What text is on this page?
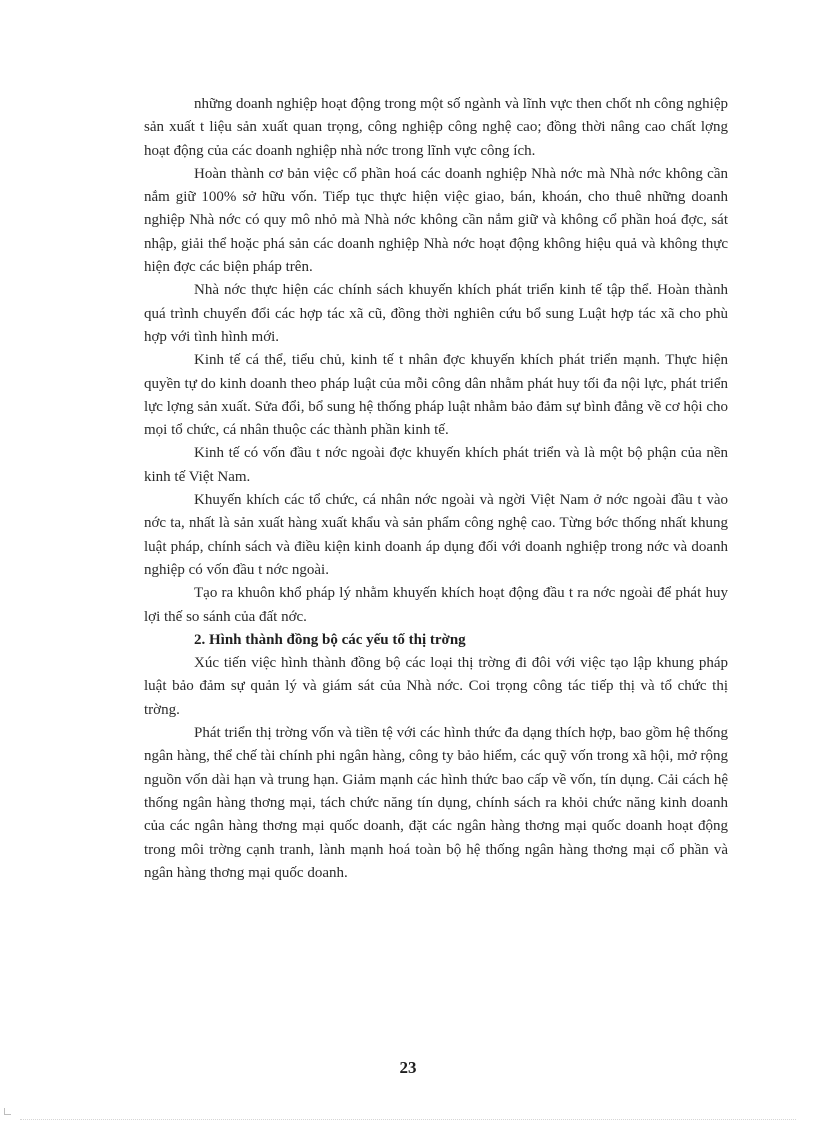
những doanh nghiệp hoạt động trong một số ngành và lĩnh vực then chốt nh công nghiệp sản xuất t liệu sản xuất quan trọng, công nghiệp công nghệ cao; đồng thời nâng cao chất lợng hoạt động của các doanh nghiệp nhà nớc trong lĩnh vực công ích.

Hoàn thành cơ bản việc cổ phần hoá các doanh nghiệp Nhà nớc mà Nhà nớc không cần nắm giữ 100% sở hữu vốn. Tiếp tục thực hiện việc giao, bán, khoán, cho thuê những doanh nghiệp Nhà nớc có quy mô nhỏ mà Nhà nớc không cần nắm giữ và không cổ phần hoá đợc, sát nhập, giải thể hoặc phá sản các doanh nghiệp Nhà nớc hoạt động không hiệu quả và không thực hiện đợc các biện pháp trên.

Nhà nớc thực hiện các chính sách khuyến khích phát triển kinh tế tập thể. Hoàn thành quá trình chuyển đổi các hợp tác xã cũ, đồng thời nghiên cứu bổ sung Luật hợp tác xã cho phù hợp với tình hình mới.

Kinh tế cá thể, tiểu chủ, kinh tế t nhân đợc khuyến khích phát triển mạnh. Thực hiện quyền tự do kinh doanh theo pháp luật của mỗi công dân nhằm phát huy tối đa nội lực, phát triển lực lợng sản xuất. Sửa đổi, bổ sung hệ thống pháp luật nhằm bảo đảm sự bình đẳng về cơ hội cho mọi tổ chức, cá nhân thuộc các thành phần kinh tế.

Kinh tế có vốn đầu t nớc ngoài đợc khuyến khích phát triển và là một bộ phận của nền kinh tế Việt Nam.

Khuyến khích các tổ chức, cá nhân nớc ngoài và ngời Việt Nam ở nớc ngoài đầu t vào nớc ta, nhất là sản xuất hàng xuất khẩu và sản phẩm công nghệ cao. Từng bớc thống nhất khung luật pháp, chính sách và điều kiện kinh doanh áp dụng đối với doanh nghiệp trong nớc và doanh nghiệp có vốn đầu t nớc ngoài.

Tạo ra khuôn khổ pháp lý nhằm khuyến khích hoạt động đầu t ra nớc ngoài để phát huy lợi thế so sánh của đất nớc.

2. Hình thành đồng bộ các yếu tố thị trờng

Xúc tiến việc hình thành đồng bộ các loại thị trờng đi đôi với việc tạo lập khung pháp luật bảo đảm sự quản lý và giám sát của Nhà nớc. Coi trọng công tác tiếp thị và tổ chức thị trờng.

Phát triển thị trờng vốn và tiền tệ với các hình thức đa dạng thích hợp, bao gồm hệ thống ngân hàng, thể chế tài chính phi ngân hàng, công ty bảo hiểm, các quỹ vốn trong xã hội, mở rộng nguồn vốn dài hạn và trung hạn. Giảm mạnh các hình thức bao cấp về vốn, tín dụng. Cải cách hệ thống ngân hàng thơng mại, tách chức năng tín dụng, chính sách ra khỏi chức năng kinh doanh của các ngân hàng thơng mại quốc doanh, đặt các ngân hàng thơng mại quốc doanh hoạt động trong môi trờng cạnh tranh, lành mạnh hoá toàn bộ hệ thống ngân hàng thơng mại cổ phần và ngân hàng thơng mại quốc doanh.

23
